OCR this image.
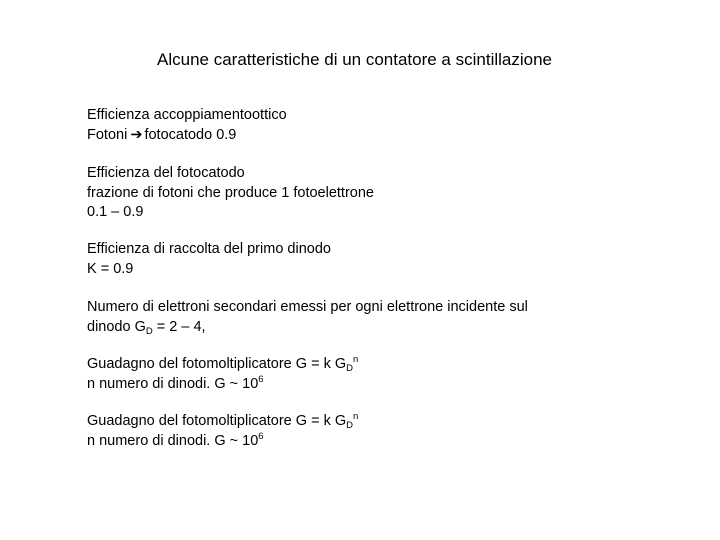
Alcune caratteristiche di un contatore a scintillazione
Efficienza accoppiamentoottico
Fotoni ➔ fotocatodo 0.9
Efficienza del fotocatodo
frazione di fotoni che produce 1 fotoelettrone
0.1 – 0.9
Efficienza di raccolta del primo dinodo
K = 0.9
Numero di elettroni secondari emessi per ogni elettrone incidente sul
dinodo $G_D = 2 - 4$,
Guadagno del fotomoltiplicatore G = k $G_D^n$
n numero di dinodi. G ~ $10^6$
Guadagno del fotomoltiplicatore G = k $G_D^n$
n numero di dinodi. G ~ $10^6$
